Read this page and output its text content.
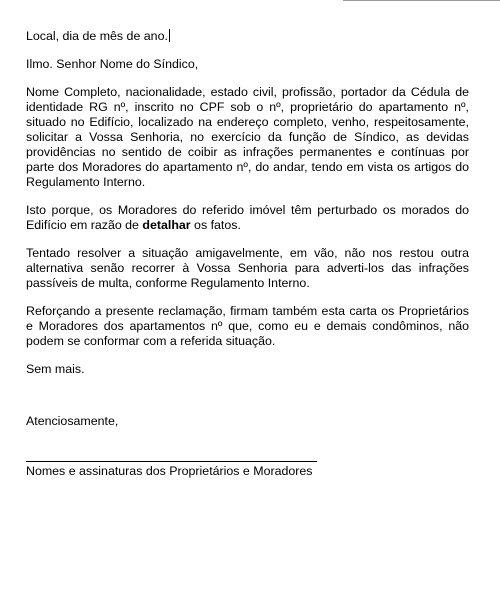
Local, dia de mês de ano.

Ilmo. Senhor Nome do Síndico,

Nome Completo, nacionalidade, estado civil, profissão, portador da Cédula de identidade RG nº, inscrito no CPF sob o nº, proprietário do apartamento nº, situado no Edifício, localizado na endereço completo, venho, respeitosamente, solicitar a Vossa Senhoria, no exercício da função de Síndico, as devidas providências no sentido de coibir as infrações permanentes e contínuas por parte dos Moradores do apartamento nº, do andar, tendo em vista os artigos do Regulamento Interno.

Isto porque, os Moradores do referido imóvel têm perturbado os morados do Edifício em razão de detalhar os fatos.

Tentado resolver a situação amigavelmente, em vão, não nos restou outra alternativa senão recorrer à Vossa Senhoria para adverti-los das infrações passíveis de multa, conforme Regulamento Interno.

Reforçando a presente reclamação, firmam também esta carta os Proprietários e Moradores dos apartamentos nº que, como eu e demais condôminos, não podem se conformar com a referida situação.

Sem mais.

Atenciosamente,

Nomes e assinaturas dos Proprietários e Moradores
